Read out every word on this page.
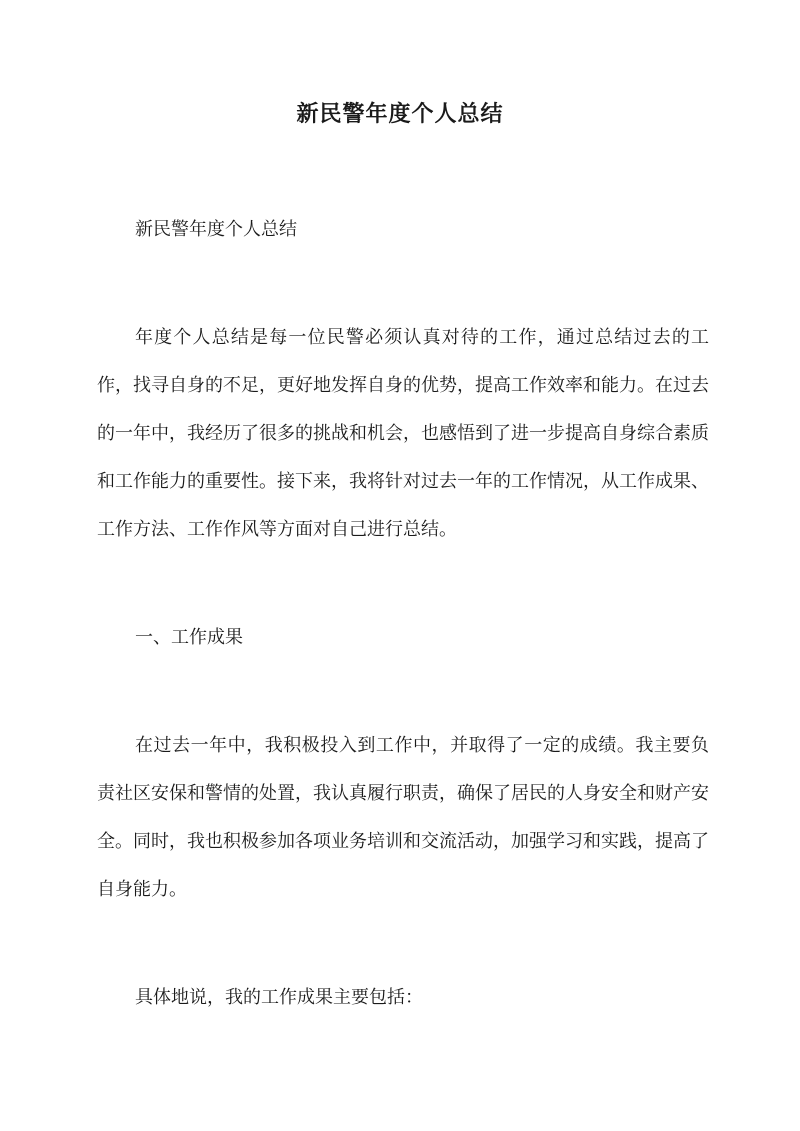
新民警年度个人总结
新民警年度个人总结
年度个人总结是每一位民警必须认真对待的工作，通过总结过去的工作，找寻自身的不足，更好地发挥自身的优势，提高工作效率和能力。在过去的一年中，我经历了很多的挑战和机会，也感悟到了进一步提高自身综合素质和工作能力的重要性。接下来，我将针对过去一年的工作情况，从工作成果、工作方法、工作作风等方面对自己进行总结。
一、工作成果
在过去一年中，我积极投入到工作中，并取得了一定的成绩。我主要负责社区安保和警情的处置，我认真履行职责，确保了居民的人身安全和财产安全。同时，我也积极参加各项业务培训和交流活动，加强学习和实践，提高了自身能力。
具体地说，我的工作成果主要包括：
